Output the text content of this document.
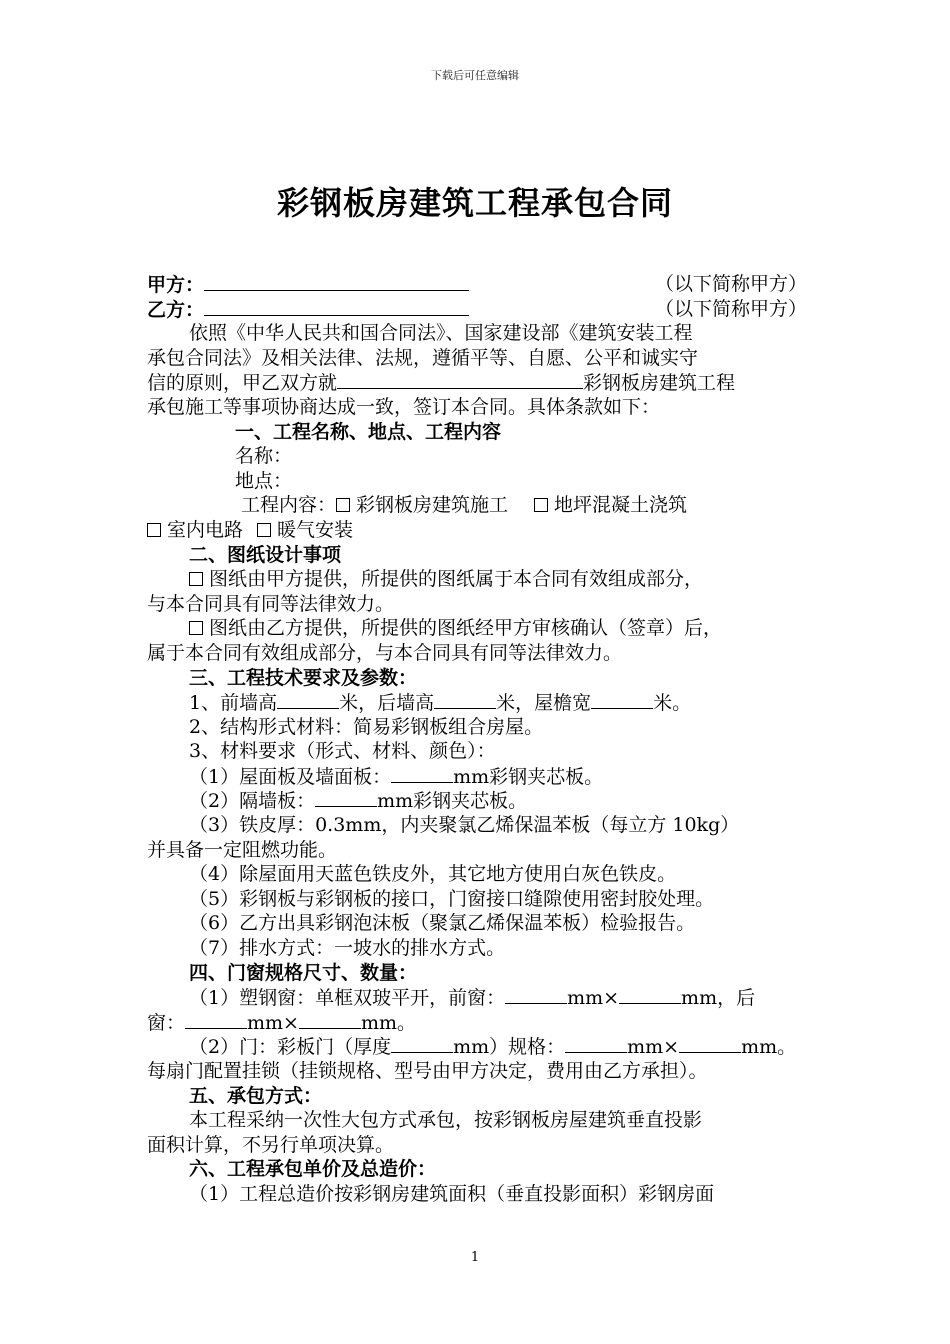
下载后可任意编辑
彩钢板房建筑工程承包合同
甲方：	（以下简称甲方）
乙方：	（以下简称甲方）
依照《中华人民共和国合同法》、国家建设部《建筑安装工程
承包合同法》及相关法律、法规，遵循平等、自愿、公平和诚实守
信的原则，甲乙双方就	彩钢板房建筑工程
承包施工等事项协商达成一致，签订本合同。具体条款如下：
一、工程名称、地点、工程内容
名称：
地点：
工程内容： 彩钢板房建筑施工 地坪混凝土浇筑
室内电路 暖气安装
二、图纸设计事项
图纸由甲方提供，所提供的图纸属于本合同有效组成部分，
与本合同具有同等法律效力。
图纸由乙方提供，所提供的图纸经甲方审核确认（签章）后，
属于本合同有效组成部分，与本合同具有同等法律效力。
三、工程技术要求及参数：
1、前墙高	米，后墙高	米，屋檐宽	米。
2、结构形式材料：简易彩钢板组合房屋。
3、材料要求（形式、材料、颜色）：
（1）屋面板及墙面板：	mm彩钢夹芯板。
（2）隔墙板：	mm彩钢夹芯板。
（3）铁皮厚：0.3mm，内夹聚氯乙烯保温苯板（每立方 10kg）
并具备一定阻燃功能。
（4）除屋面用天蓝色铁皮外，其它地方使用白灰色铁皮。
（5）彩钢板与彩钢板的接口，门窗接口缝隙使用密封胶处理。
（6）乙方出具彩钢泡沫板（聚氯乙烯保温苯板）检验报告。
（7）排水方式：一坡水的排水方式。
四、门窗规格尺寸、数量：
（1）塑钢窗：单框双玻平开，前窗：	mm×	mm，后
窗：	mm×	mm。
（2）门：彩板门（厚度	mm）规格：	mm×	mm。
每扇门配置挂锁（挂锁规格、型号由甲方决定，费用由乙方承担）。
五、承包方式：
本工程采纳一次性大包方式承包，按彩钢板房屋建筑垂直投影
面积计算，不另行单项决算。
六、工程承包单价及总造价：
（1）工程总造价按彩钢房建筑面积（垂直投影面积）彩钢房面
1
